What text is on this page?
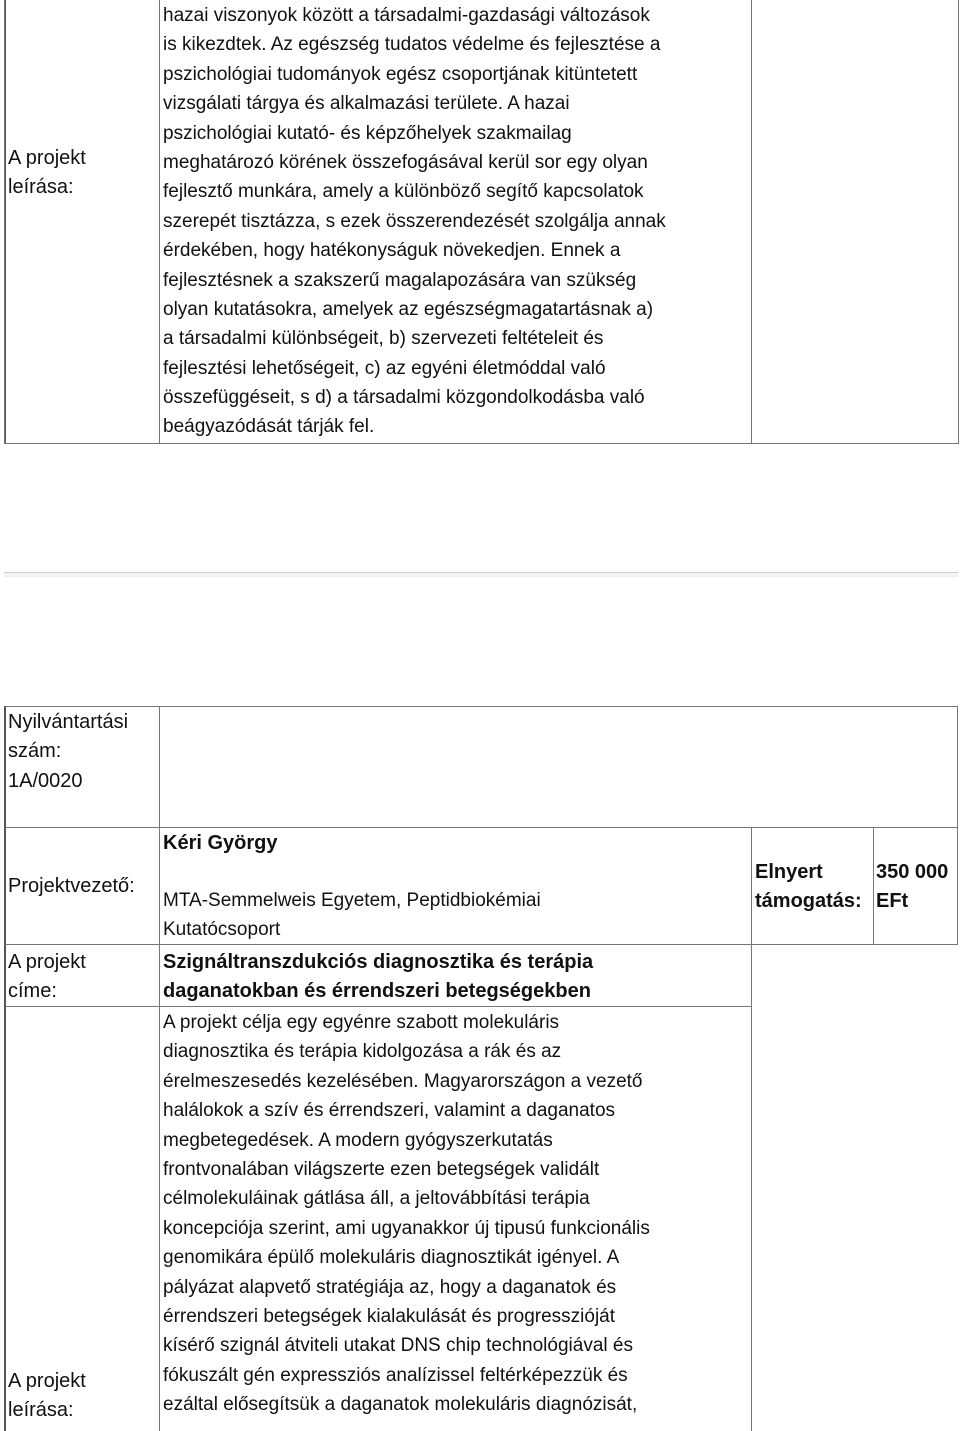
A projekt
leírása:
hazai viszonyok között a társadalmi-gazdasági változások
is kikezdtek. Az egészség tudatos védelme és fejlesztése a
pszichológiai tudományok egész csoportjának kitüntetett
vizsgálati tárgya és alkalmazási területe. A hazai
pszichológiai kutató- és képzőhelyek szakmailag
meghatározó körének összefogásával kerül sor egy olyan
fejlesztő munkára, amely a különböző segítő kapcsolatok
szerepét tisztázza, s ezek összerendezését szolgálja annak
érdekében, hogy hatékonyságuk növekedjen. Ennek a
fejlesztésnek a szakszerű magalapozására van szükség
olyan kutatásokra, amelyek az egészségmagatartásnak a)
a társadalmi különbségeit, b) szervezeti feltételeit és
fejlesztési lehetőségeit, c) az egyéni életmóddal való
összefüggéseit, s d) a társadalmi közgondolkodásba való
beágyazódását tárják fel.
Nyilvántartási
szám:
1A/0020
Projektvezető:
Kéri György
MTA-Semmelweis Egyetem, Peptidbiokémiai
Kutatócsoport
Elnyert
támogatás:
350 000
EFt
A projekt
címe:
Szignáltranszdukciós diagnosztika és terápia
daganatokban és érrendszeri betegségekben
A projekt
leírása:
A projekt célja egy egyénre szabott molekuláris
diagnosztika és terápia kidolgozása a rák és az
érelmeszesedés kezelésében. Magyarországon a vezető
halálokok a szív és érrendszeri, valamint a daganatos
megbetegedések. A modern gyógyszerkutatás
frontvonalában világszerte ezen betegségek validált
célmolekuláinak gátlása áll, a jeltovábbítási terápia
koncepciója szerint, ami ugyanakkor új tipusú funkcionális
genomikára épülő molekuláris diagnosztikát igényel. A
pályázat alapvető stratégiája az, hogy a daganatok és
érrendszeri betegségek kialakulását és progresszióját
kísérő szignál átviteli utakat DNS chip technológiával és
fókuszált gén expressziós analízissel feltérképezzük és
ezáltal elősegítsük a daganatok molekuláris diagnózisát,
